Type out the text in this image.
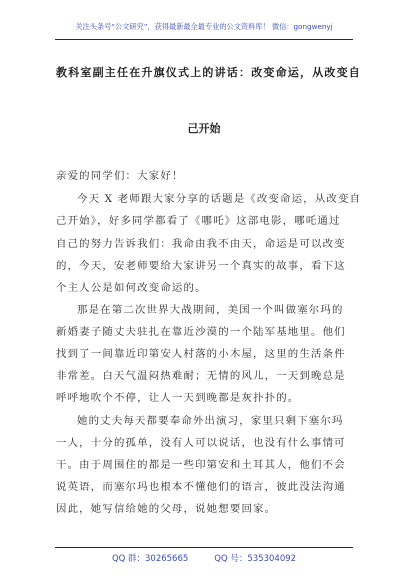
关注头条号“公文研究”，获得最新最全最专业的公文资料库！ 微信：gongwenyj
教科室副主任在升旗仪式上的讲话：改变命运，从改变自
己开始
亲爱的同学们：大家好！
今天 X 老师跟大家分享的话题是《改变命运，从改变自
己开始》，好多同学都看了《哪吒》这部电影，哪吒通过
自己的努力告诉我们：我命由我不由天，命运是可以改变
的，今天，安老师要给大家讲另一个真实的故事，看下这
个主人公是如何改变命运的。
那是在第二次世界大战期间，美国一个叫做塞尔玛的
新婚妻子随丈夫驻扎在靠近沙漠的一个陆军基地里。他们
找到了一间靠近印第安人村落的小木屋，这里的生活条件
非常差。白天气温闷热难耐；无情的风儿，一天到晚总是
呼呼地吹个不停，让人一天到晚都是灰扑扑的。
她的丈夫每天都要奉命外出演习，家里只剩下塞尔玛
一人，十分的孤单，没有人可以说话，也没有什么事情可
干。由于周围住的都是一些印第安和土耳其人，他们不会
说英语，而塞尔玛也根本不懂他们的语言，彼此没法沟通
因此，她写信给她的父母，说她想要回家。
QQ 群：30265665	QQ 号：535304092
